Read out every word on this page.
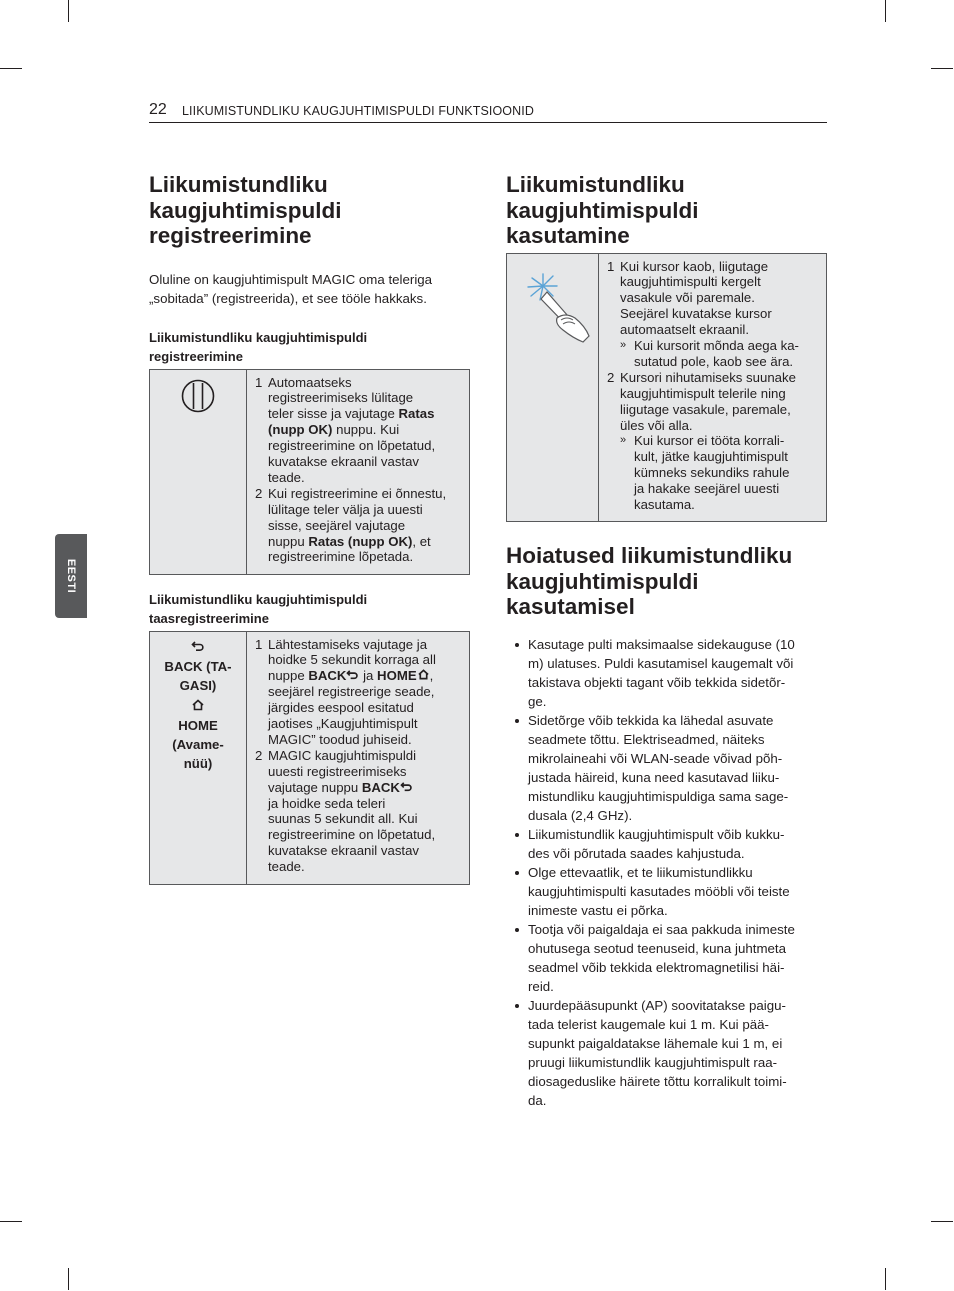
22 LIIKUMISTUNDLIKU KAUGJUHTIMISPULDI FUNKTSIOONID
EESTI
Liikumistundliku
kaugjuhtimispuldi
registreerimine

Oluline on kaugjuhtimispult MAGIC oma teleriga
„sobitada” (registreerida), et see tööle hakkaks.

Liikumistundliku kaugjuhtimispuldi
registreerimine

1 Automaatseks
registreerimiseks lülitage
teler sisse ja vajutage Ratas
(nupp OK) nuppu. Kui
registreerimine on lõpetatud,
kuvatakse ekraanil vastav
teade.
2 Kui registreerimine ei õnnestu,
lülitage teler välja ja uuesti
sisse, seejärel vajutage
nuppu Ratas (nupp OK), et
registreerimine lõpetada.
Liikumistundliku kaugjuhtimispuldi
taasregistreerimine
BACK (TA-
GASI)
HOME
(Avame-
nüü)

1 Lähtestamiseks vajutage ja
hoidke 5 sekundit korraga all
nuppe BACK ja HOME ,
seejärel registreerige seade,
järgides eespool esitatud
jaotises „Kaugjuhtimispult
MAGIC” toodud juhiseid.
2 MAGIC kaugjuhtimispuldi
uuesti registreerimiseks
vajutage nuppu BACK
ja hoidke seda teleri
suunas 5 sekundit all. Kui
registreerimine on lõpetatud,
kuvatakse ekraanil vastav
teade.
Liikumistundliku
kaugjuhtimispuldi
kasutamine

1 Kui kursor kaob, liigutage
kaugjuhtimispulti kergelt
vasakule või paremale.
Seejärel kuvatakse kursor
automaatselt ekraanil.
» Kui kursorit mõnda aega ka-
sutatud pole, kaob see ära.
2 Kursori nihutamiseks suunake
kaugjuhtimispult telerile ning
liigutage vasakule, paremale,
üles või alla.
» Kui kursor ei tööta korrali-
kult, jätke kaugjuhtimispult
kümneks sekundiks rahule
ja hakake seejärel uuesti
kasutama.
Hoiatused liikumistundliku
kaugjuhtimispuldi
kasutamisel
Kasutage pulti maksimaalse sidekauguse (10
m) ulatuses. Puldi kasutamisel kaugemalt või
takistava objekti tagant võib tekkida sidetõr-
ge.
Sidetõrge võib tekkida ka lähedal asuvate
seadmete tõttu. Elektriseadmed, näiteks
mikrolaineahi või WLAN-seade võivad põh-
justada häireid, kuna need kasutavad liiku-
mistundliku kaugjuhtimispuldiga sama sage-
dusala (2,4 GHz).
Liikumistundlik kaugjuhtimispult võib kukku-
des või põrutada saades kahjustuda.
Olge ettevaatlik, et te liikumistundlikku
kaugjuhtimispulti kasutades mööbli või teiste
inimeste vastu ei põrka.
Tootja või paigaldaja ei saa pakkuda inimeste
ohutusega seotud teenuseid, kuna juhtmeta
seadmel võib tekkida elektromagnetilisi häi-
reid.
Juurdepääsupunkt (AP) soovitatakse paigu-
tada telerist kaugemale kui 1 m. Kui pää-
supunkt paigaldatakse lähemale kui 1 m, ei
pruugi liikumistundlik kaugjuhtimispult raa-
diosageduslike häirete tõttu korralikult toimi-
da.
